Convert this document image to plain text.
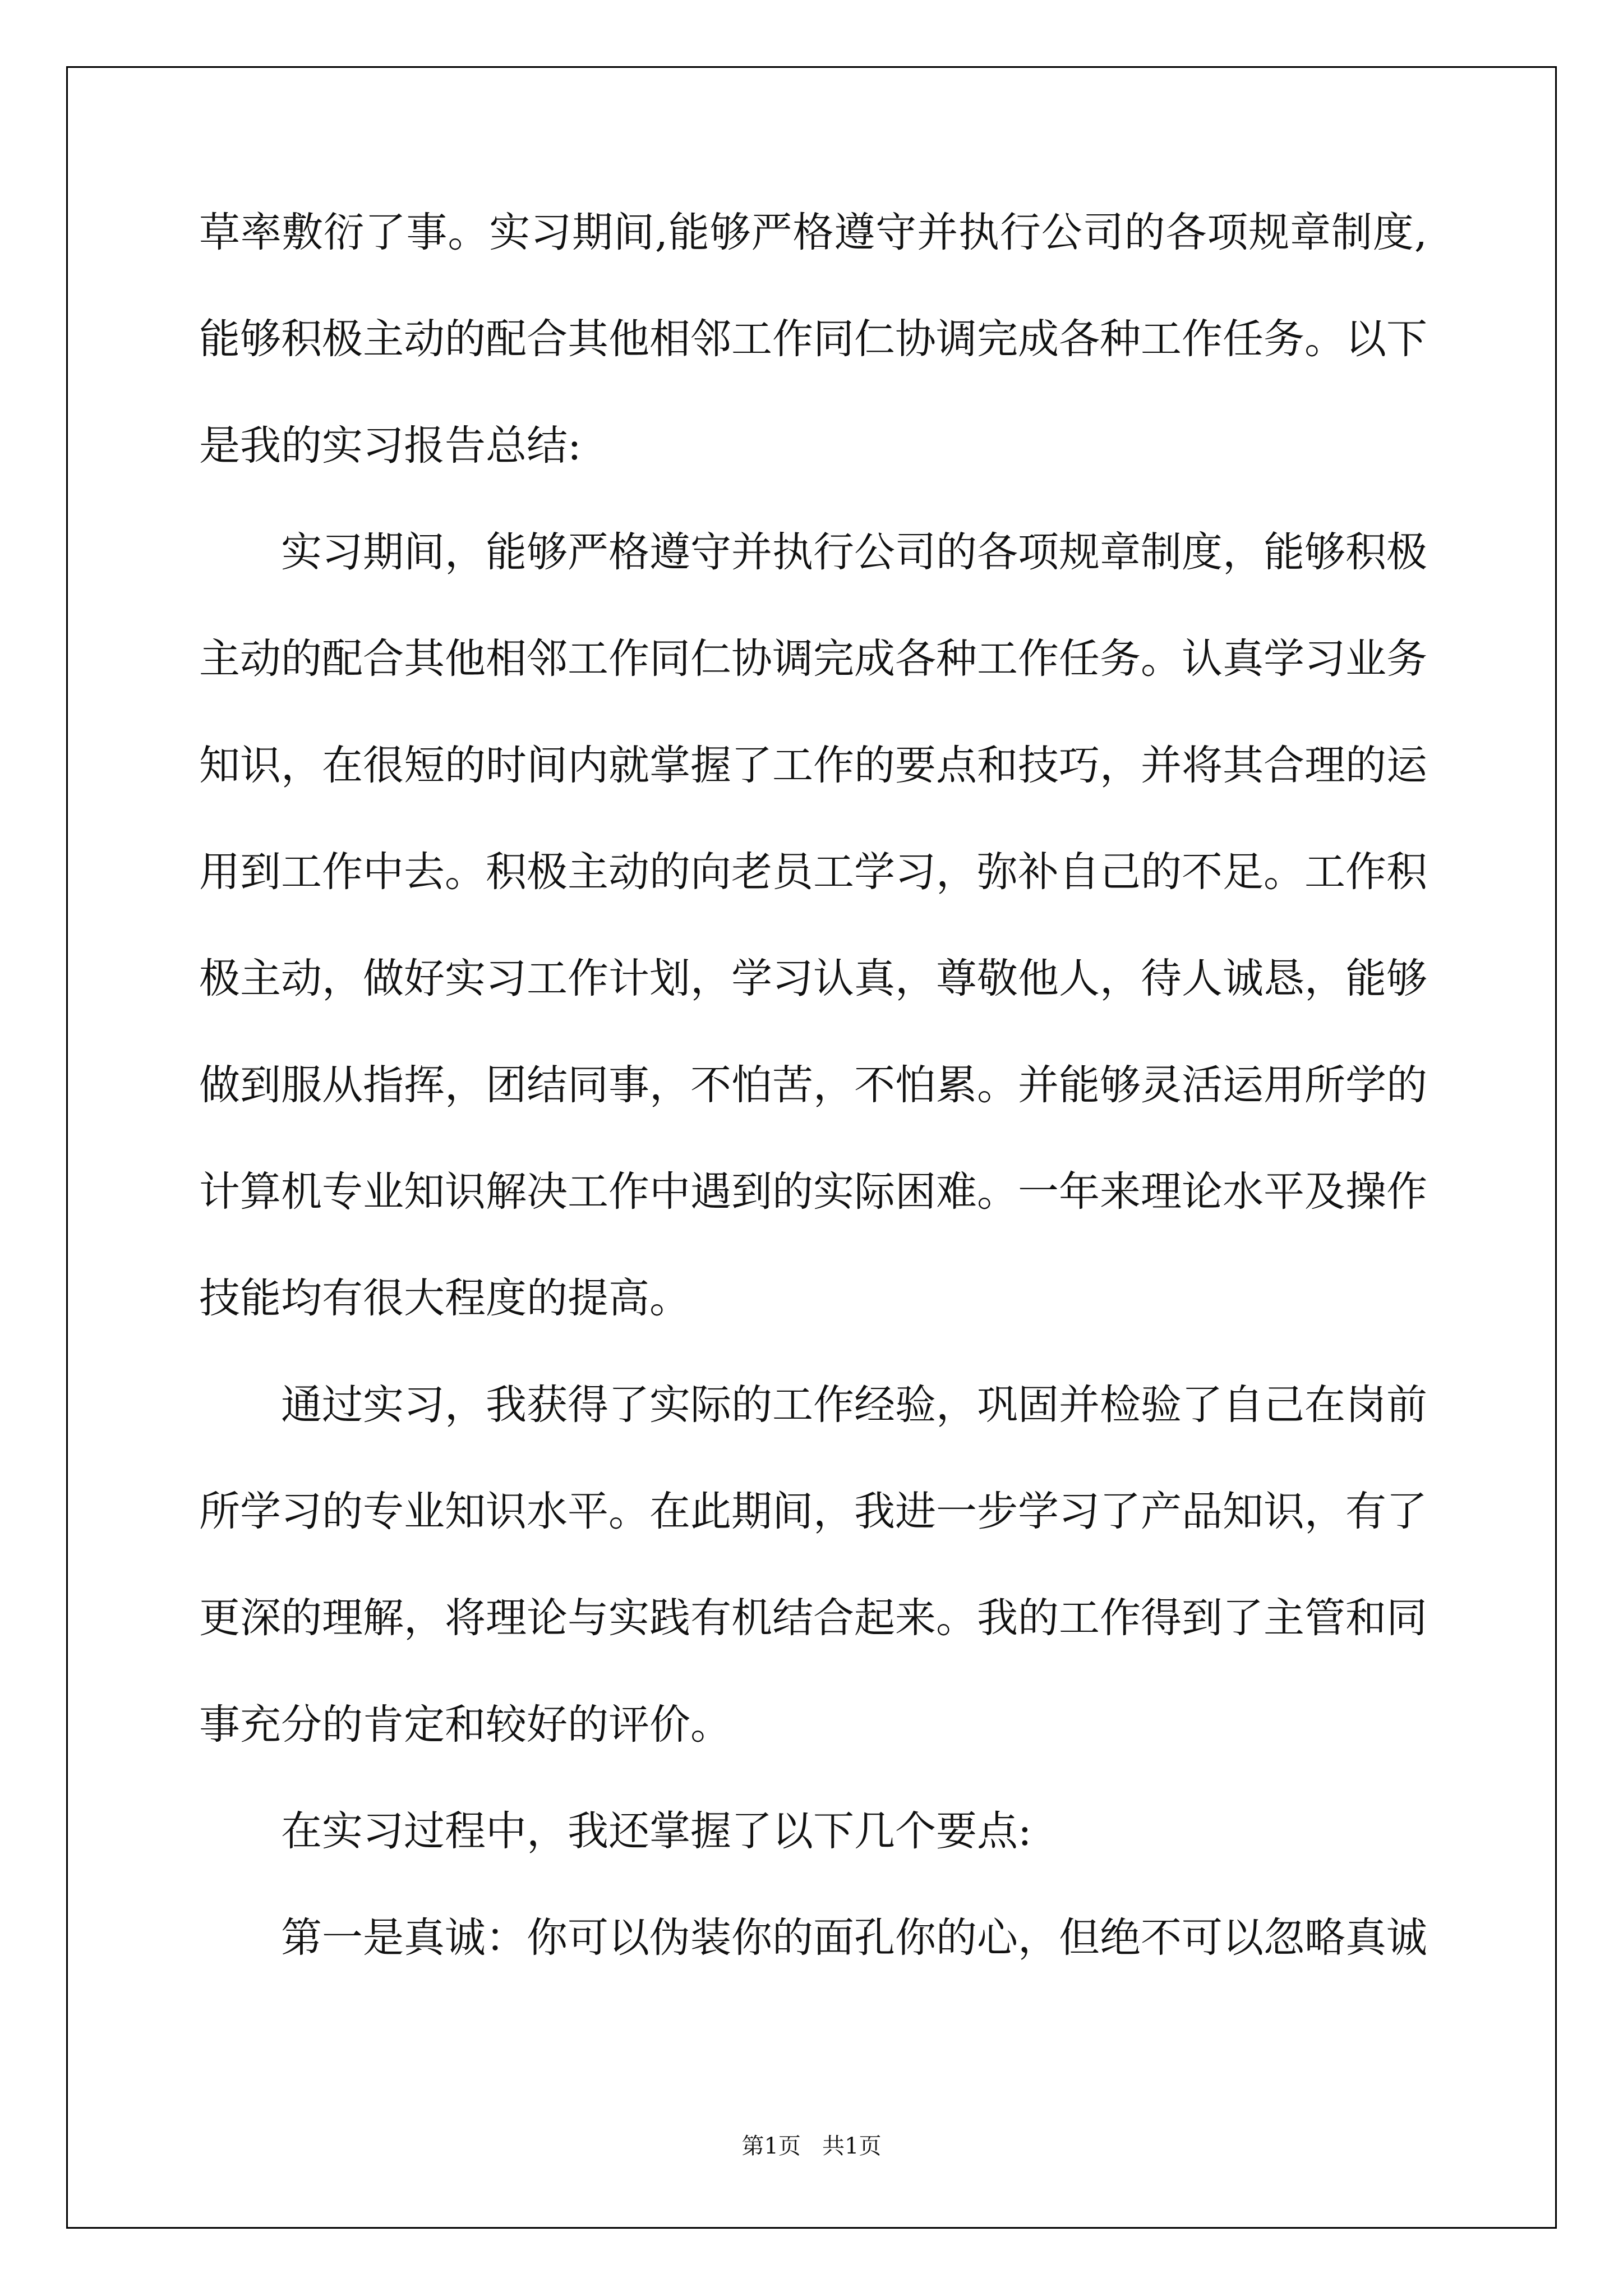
草率敷衍了事。实习期间,能够严格遵守并执行公司的各项规章制度,
能够积极主动的配合其他相邻工作同仁协调完成各种工作任务。以下
是我的实习报告总结:
实习期间，能够严格遵守并执行公司的各项规章制度，能够积极
主动的配合其他相邻工作同仁协调完成各种工作任务。认真学习业务
知识，在很短的时间内就掌握了工作的要点和技巧，并将其合理的运
用到工作中去。积极主动的向老员工学习，弥补自己的不足。工作积
极主动，做好实习工作计划，学习认真，尊敬他人，待人诚恳，能够
做到服从指挥，团结同事，不怕苦，不怕累。并能够灵活运用所学的
计算机专业知识解决工作中遇到的实际困难。一年来理论水平及操作
技能均有很大程度的提高。
通过实习，我获得了实际的工作经验，巩固并检验了自己在岗前
所学习的专业知识水平。在此期间，我进一步学习了产品知识，有了
更深的理解，将理论与实践有机结合起来。我的工作得到了主管和同
事充分的肯定和较好的评价。
在实习过程中，我还掌握了以下几个要点:
第一是真诚：你可以伪装你的面孔你的心，但绝不可以忽略真诚
第1页   共1页
